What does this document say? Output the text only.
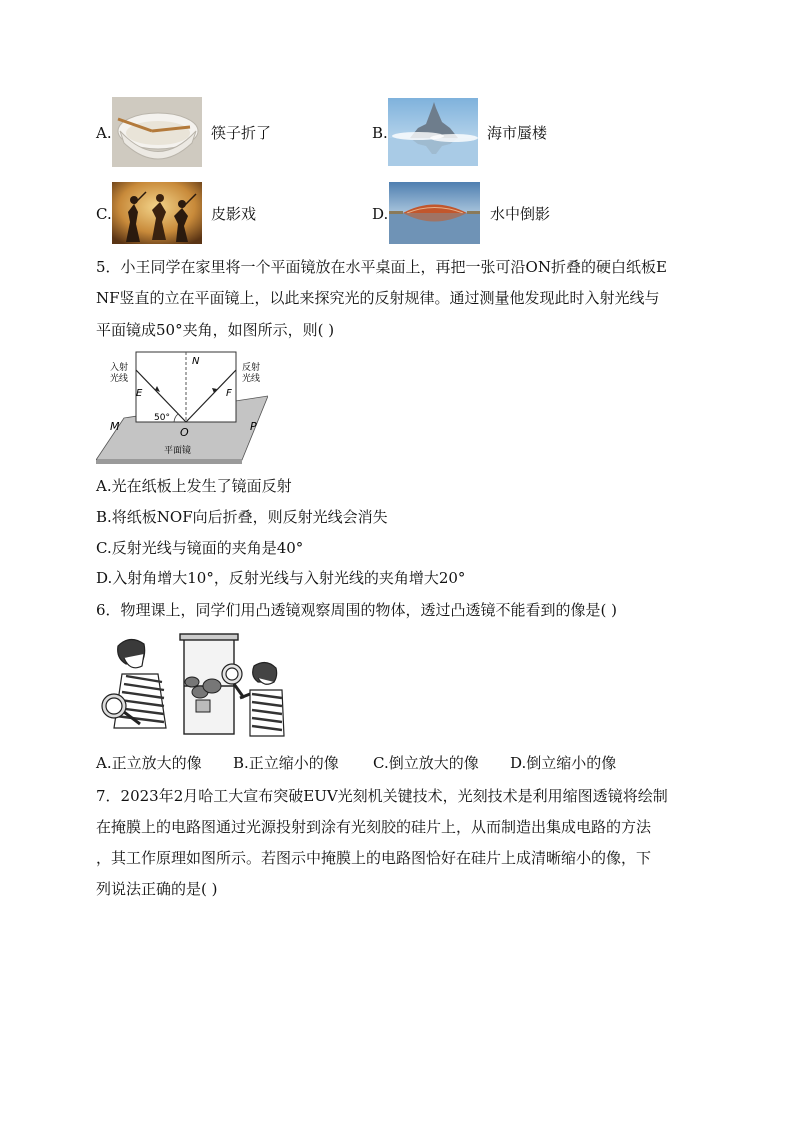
A.	筷子折了	B.	海市蜃楼
C.	皮影戏	D.	水中倒影
5．小王同学在家里将一个平面镜放在水平桌面上，再把一张可沿ON折叠的硬白纸板E
NF竖直的立在平面镜上，以此来探究光的反射规律。通过测量他发现此时入射光线与
平面镜成50°夹角，如图所示，则( )
入射
光线
反射
光线
N
E	F
O
M	P
50°
平面镜
A.光在纸板上发生了镜面反射
B.将纸板NOF向后折叠，则反射光线会消失
C.反射光线与镜面的夹角是40°
D.入射角增大10°，反射光线与入射光线的夹角增大20°
6．物理课上，同学们用凸透镜观察周围的物体，透过凸透镜不能看到的像是( )
A.正立放大的像 B.正立缩小的像 C.倒立放大的像 D.倒立缩小的像
7．2023年2月哈工大宣布突破EUV光刻机关键技术，光刻技术是利用缩图透镜将绘制
在掩膜上的电路图通过光源投射到涂有光刻胶的硅片上，从而制造出集成电路的方法
，其工作原理如图所示。若图示中掩膜上的电路图恰好在硅片上成清晰缩小的像，下
列说法正确的是( )
